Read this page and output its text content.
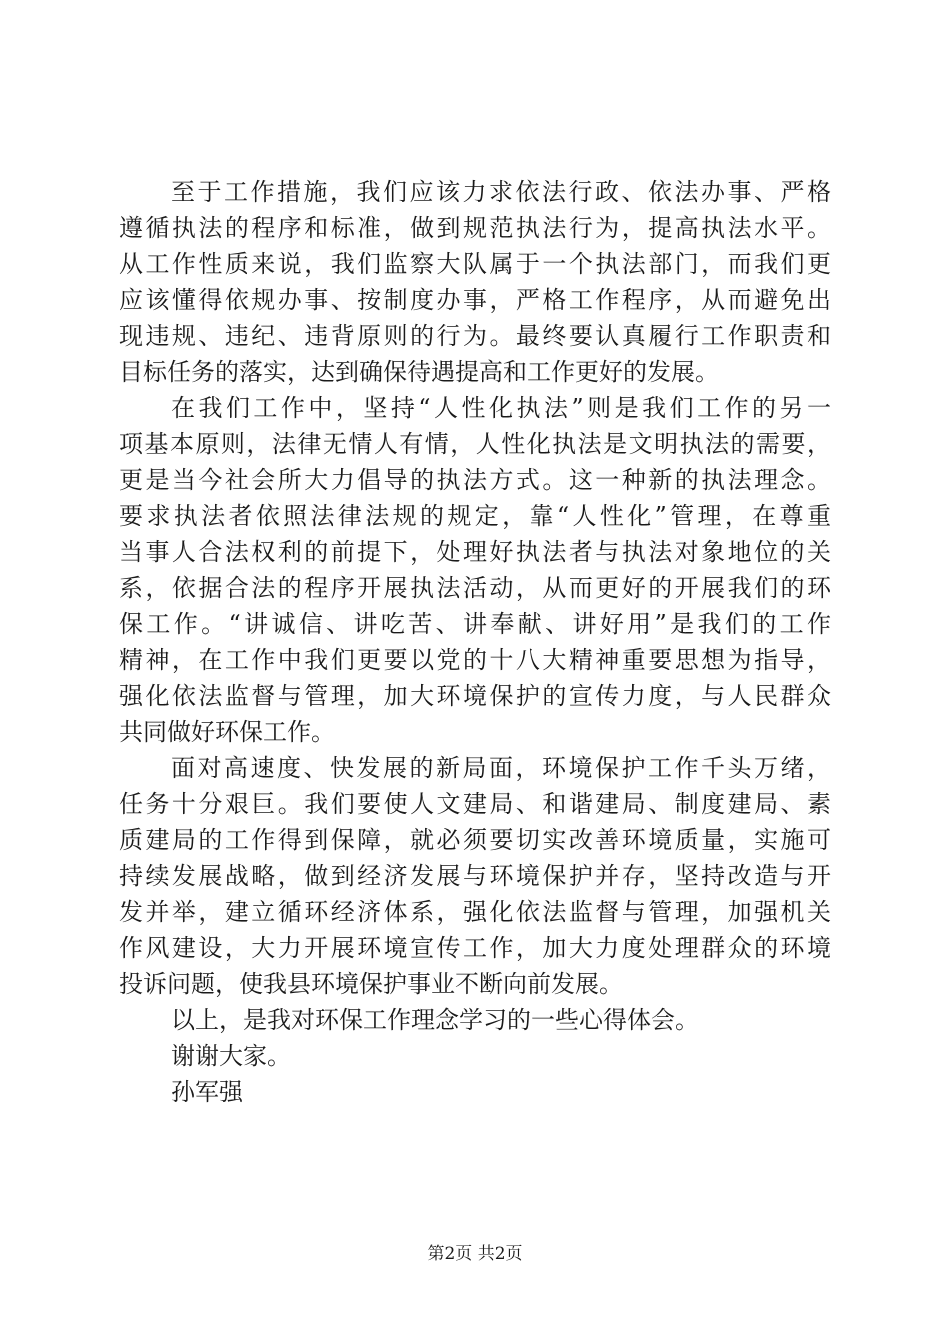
至于工作措施，我们应该力求依法行政、依法办事、严格
遵循执法的程序和标准，做到规范执法行为，提高执法水平。
从工作性质来说，我们监察大队属于一个执法部门，而我们更
应该懂得依规办事、按制度办事，严格工作程序，从而避免出
现违规、违纪、违背原则的行为。最终要认真履行工作职责和
目标任务的落实，达到确保待遇提高和工作更好的发展。
在我们工作中，坚持“人性化执法”则是我们工作的另一
项基本原则，法律无情人有情，人性化执法是文明执法的需要，
更是当今社会所大力倡导的执法方式。这一种新的执法理念。
要求执法者依照法律法规的规定，靠“人性化”管理，在尊重
当事人合法权利的前提下，处理好执法者与执法对象地位的关
系，依据合法的程序开展执法活动，从而更好的开展我们的环
保工作。“讲诚信、讲吃苦、讲奉献、讲好用”是我们的工作
精神，在工作中我们更要以党的十八大精神重要思想为指导，
强化依法监督与管理，加大环境保护的宣传力度，与人民群众
共同做好环保工作。
面对高速度、快发展的新局面，环境保护工作千头万绪，
任务十分艰巨。我们要使人文建局、和谐建局、制度建局、素
质建局的工作得到保障，就必须要切实改善环境质量，实施可
持续发展战略，做到经济发展与环境保护并存，坚持改造与开
发并举，建立循环经济体系，强化依法监督与管理，加强机关
作风建设，大力开展环境宣传工作，加大力度处理群众的环境
投诉问题，使我县环境保护事业不断向前发展。
以上，是我对环保工作理念学习的一些心得体会。
谢谢大家。
孙军强
第2页 共2页
